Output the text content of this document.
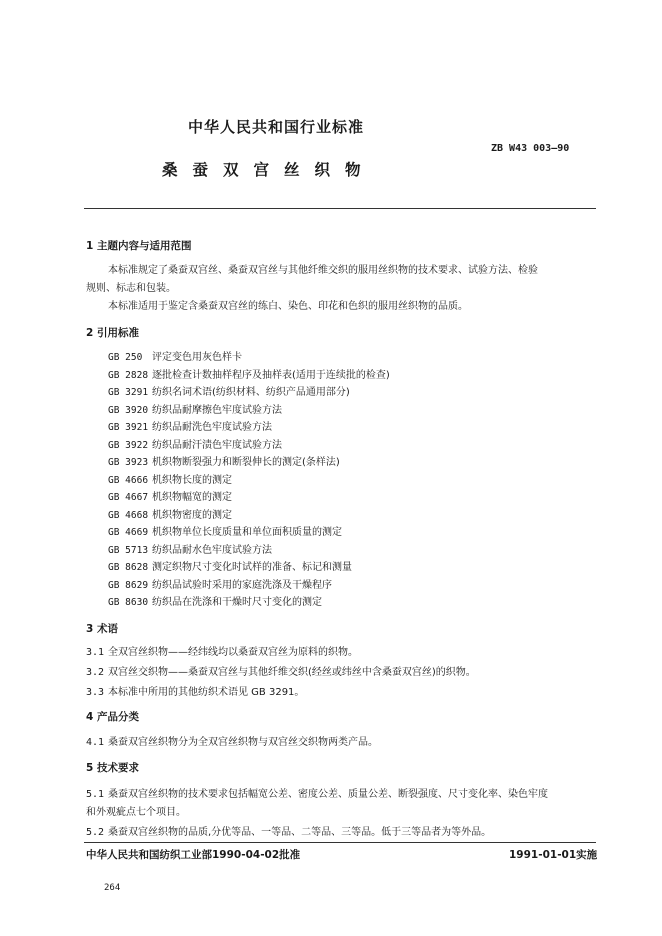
中华人民共和国行业标准
ZB W43 003—90
桑蚕双宫丝织物
1 主题内容与适用范围
本标准规定了桑蚕双宫丝、桑蚕双宫丝与其他纤维交织的服用丝织物的技术要求、试验方法、检验
规则、标志和包装。
本标准适用于鉴定含桑蚕双宫丝的练白、染色、印花和色织的服用丝织物的品质。
2 引用标准
GB 250 评定变色用灰色样卡
GB 2828 逐批检查计数抽样程序及抽样表(适用于连续批的检查)
GB 3291 纺织名词术语(纺织材料、纺织产品通用部分)
GB 3920 纺织品耐摩擦色牢度试验方法
GB 3921 纺织品耐洗色牢度试验方法
GB 3922 纺织品耐汗渍色牢度试验方法
GB 3923 机织物断裂强力和断裂伸长的测定(条样法)
GB 4666 机织物长度的测定
GB 4667 机织物幅宽的测定
GB 4668 机织物密度的测定
GB 4669 机织物单位长度质量和单位面积质量的测定
GB 5713 纺织品耐水色牢度试验方法
GB 8628 测定织物尺寸变化时试样的准备、标记和测量
GB 8629 纺织品试验时采用的家庭洗涤及干燥程序
GB 8630 纺织品在洗涤和干燥时尺寸变化的测定
3 术语
3.1 全双宫丝织物——经纬线均以桑蚕双宫丝为原料的织物。
3.2 双宫丝交织物——桑蚕双宫丝与其他纤维交织(经丝或纬丝中含桑蚕双宫丝)的织物。
3.3 本标准中所用的其他纺织术语见 GB 3291。
4 产品分类
4.1 桑蚕双宫丝织物分为全双宫丝织物与双宫丝交织物两类产品。
5 技术要求
5.1 桑蚕双宫丝织物的技术要求包括幅宽公差、密度公差、质量公差、断裂强度、尺寸变化率、染色牢度
和外观疵点七个项目。
5.2 桑蚕双宫丝织物的品质,分优等品、一等品、二等品、三等品。低于三等品者为等外品。
中华人民共和国纺织工业部1990-04-02批准	1991-01-01实施
264
